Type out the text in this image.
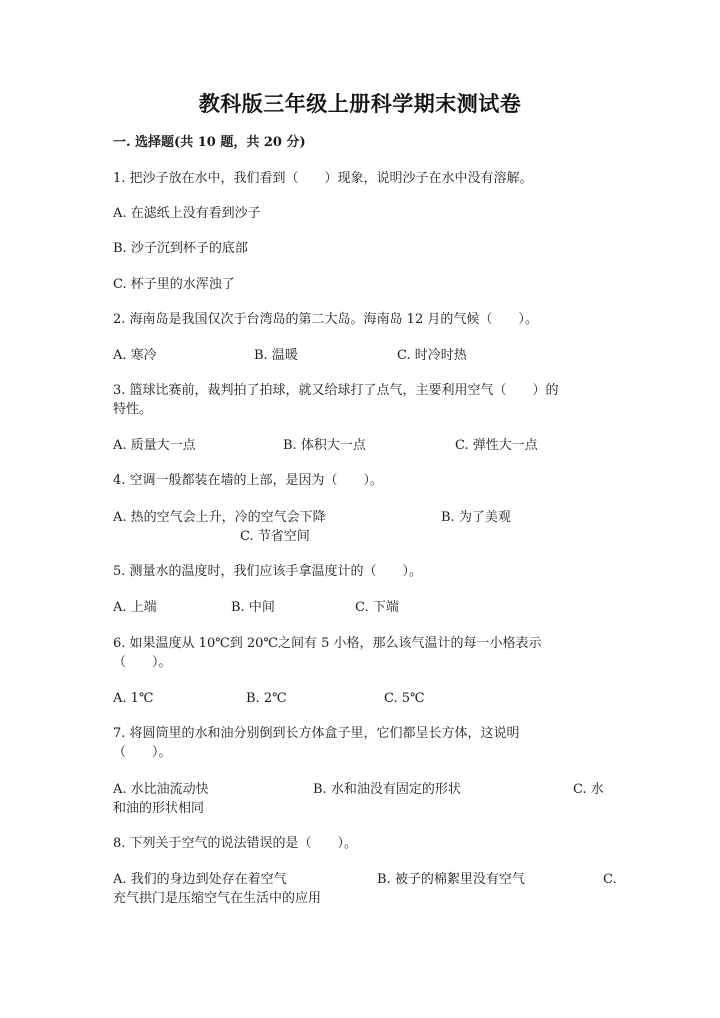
教科版三年级上册科学期末测试卷
一. 选择题(共 10 题，共 20 分)
1. 把沙子放在水中，我们看到（　　）现象，说明沙子在水中没有溶解。
A. 在滤纸上没有看到沙子
B. 沙子沉到杯子的底部
C. 杯子里的水浑浊了
2. 海南岛是我国仅次于台湾岛的第二大岛。海南岛 12 月的气候（　　）。
A. 寒冷	B. 温暖	C. 时冷时热
3. 篮球比赛前，裁判拍了拍球，就又给球打了点气，主要利用空气（　　）的
特性。
A. 质量大一点	B. 体积大一点	C. 弹性大一点
4. 空调一般都装在墙的上部，是因为（　　）。
A. 热的空气会上升，冷的空气会下降	B. 为了美观
C. 节省空间
5. 测量水的温度时，我们应该手拿温度计的（　　）。
A. 上端	B. 中间	C. 下端
6. 如果温度从 10℃到 20℃之间有 5 小格，那么该气温计的每一小格表示
（　　）。
A. 1℃	B. 2℃	C. 5℃
7. 将圆筒里的水和油分别倒到长方体盒子里，它们都呈长方体，这说明
（　　）。
A. 水比油流动快	B. 水和油没有固定的形状	C. 水
和油的形状相同
8. 下列关于空气的说法错误的是（　　）。
A. 我们的身边到处存在着空气	B. 被子的棉絮里没有空气	C.
充气拱门是压缩空气在生活中的应用
